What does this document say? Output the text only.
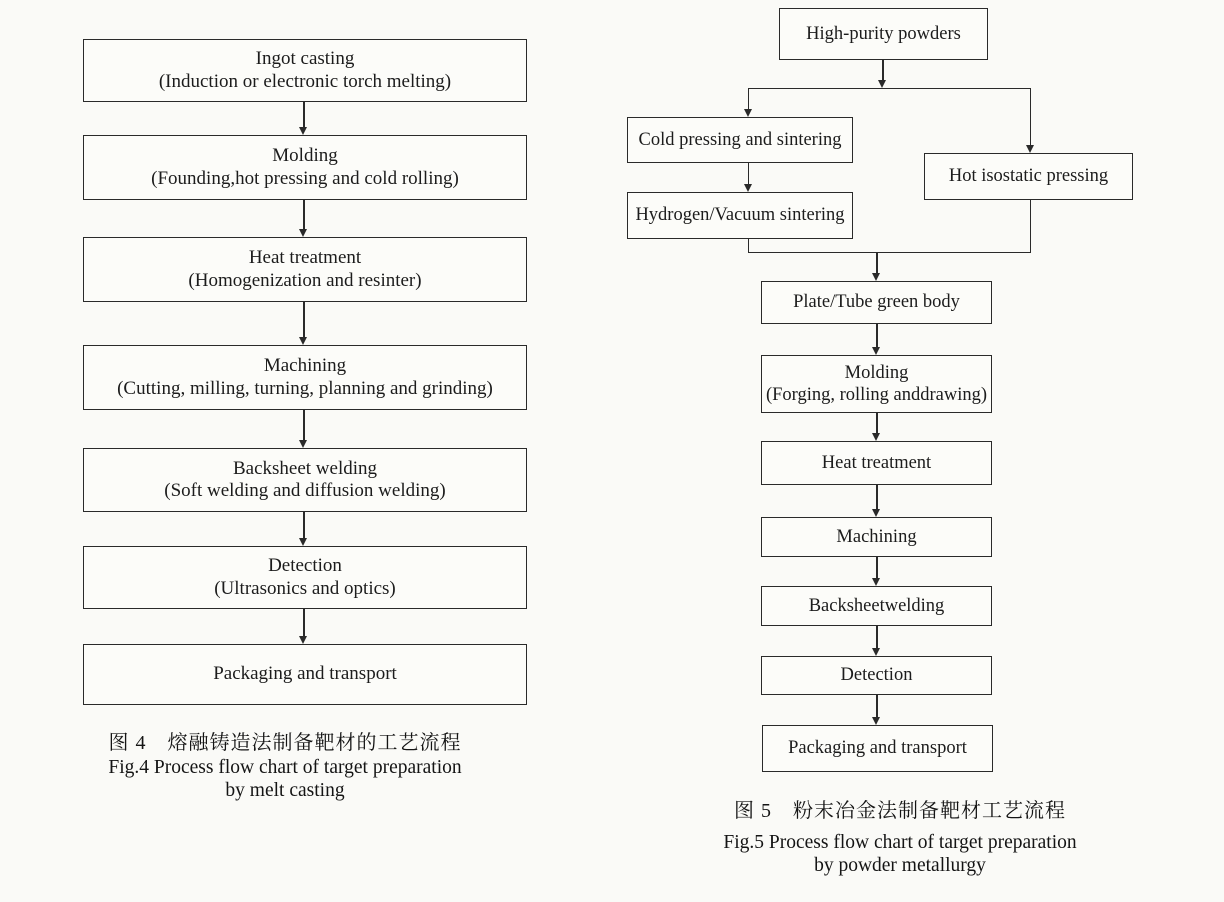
Ingot casting
(Induction or electronic torch melting)
Molding
(Founding,hot pressing and cold rolling)
Heat treatment
(Homogenization and resinter)
Machining
(Cutting, milling, turning, planning and grinding)
Backsheet welding
(Soft welding and diffusion welding)
Detection
(Ultrasonics and optics)
Packaging and transport
图 4　熔融铸造法制备靶材的工艺流程
Fig.4 Process flow chart of target preparation
by melt casting
High-purity powders
Cold pressing and sintering
Hydrogen/Vacuum sintering
Hot isostatic pressing
Plate/Tube green body
Molding
(Forging, rolling anddrawing)
Heat treatment
Machining
Backsheetwelding
Detection
Packaging and transport
图 5　粉末冶金法制备靶材工艺流程
Fig.5 Process flow chart of target preparation
by powder metallurgy
